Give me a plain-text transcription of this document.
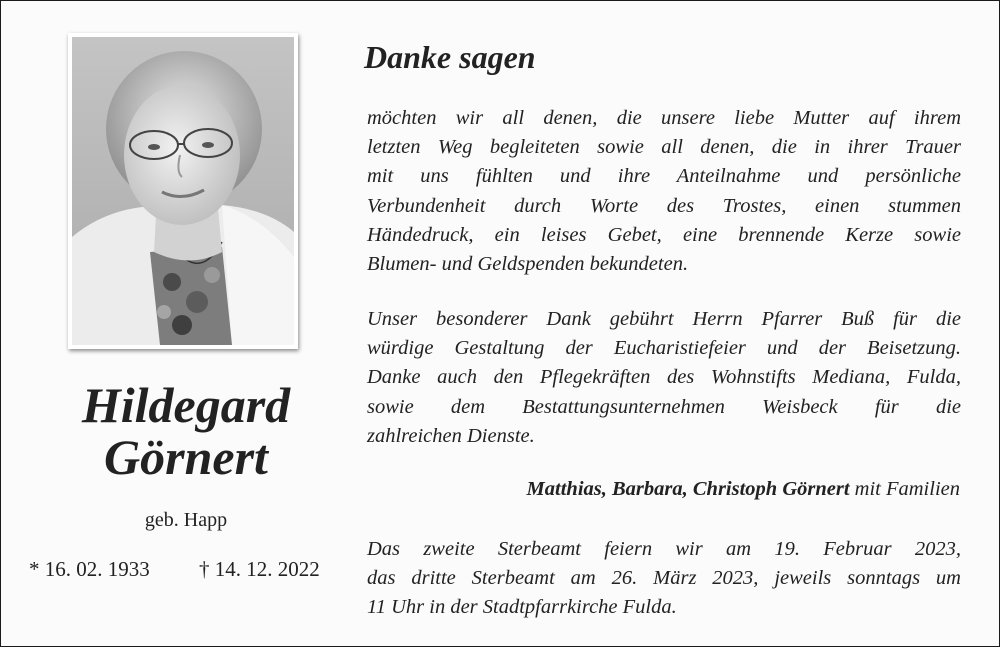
Hildegard
Görnert
geb. Happ
* 16. 02. 1933 † 14. 12. 2022
Danke sagen
möchten wir all denen, die unsere liebe Mutter auf ihrem
letzten Weg begleiteten sowie all denen, die in ihrer Trauer
mit uns fühlten und ihre Anteilnahme und persönliche
Verbundenheit durch Worte des Trostes, einen stummen
Händedruck, ein leises Gebet, eine brennende Kerze sowie
Blumen- und Geldspenden bekundeten.
Unser besonderer Dank gebührt Herrn Pfarrer Buß für die
würdige Gestaltung der Eucharistiefeier und der Beisetzung.
Danke auch den Pflegekräften des Wohnstifts Mediana, Fulda,
sowie dem Bestattungsunternehmen Weisbeck für die
zahlreichen Dienste.
Matthias, Barbara, Christoph Görnert mit Familien
Das zweite Sterbeamt feiern wir am 19. Februar 2023,
das dritte Sterbeamt am 26. März 2023, jeweils sonntags um
11 Uhr in der Stadtpfarrkirche Fulda.
